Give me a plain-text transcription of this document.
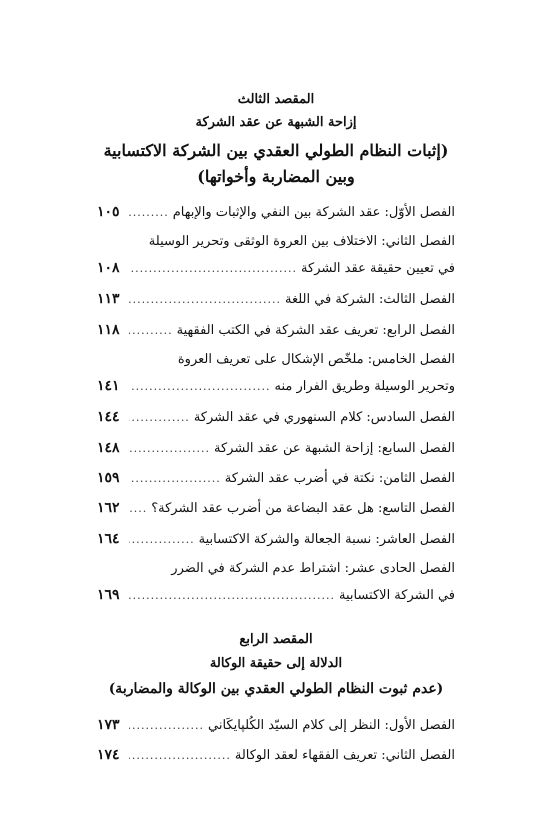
المقصد الثالث
إزاحة الشبهة عن عقد الشركة
(إثبات النظام الطولي العقدي بين الشركة الاكتسابية
وبين المضاربة وأخواتها)
الفصل الأوّل: عقد الشركة بين النفي والإثبات والإبهام
.....
١٠٥
الفصل الثاني: الاختلاف بين العروة الوثقى وتحرير الوسيلة
في تعيين حقيقة عقد الشركة
.....
١٠٨
الفصل الثالث: الشركة في اللغة
.....
١١٣
الفصل الرابع: تعريف عقد الشركة في الكتب الفقهية
.....
١١٨
الفصل الخامس: ملخّص الإشكال على تعريف العروة
وتحرير الوسيلة وطريق الفرار منه
.....
١٤١
الفصل السادس: كلام السنهوري في عقد الشركة
.....
١٤٤
الفصل السابع: إزاحة الشبهة عن عقد الشركة
.....
١٤٨
الفصل الثامن: نكتة في أضرب عقد الشركة
.....
١٥٩
الفصل التاسع: هل عقد البضاعة من أضرب عقد الشركة؟
.....
١٦٢
الفصل العاشر: نسبة الجعالة والشركة الاكتسابية
.....
١٦٤
الفصل الحادى عشر: اشتراط عدم الشركة في الضرر
في الشركة الاكتسابية
.....
١٦٩
المقصد الرابع
الدلالة إلى حقيقة الوكالة
(عدم ثبوت النظام الطولي العقدي بين الوكالة والمضاربة)
الفصل الأول: النظر إلى كلام السيّد الكُلپايكَاني
.....
١٧٣
الفصل الثاني: تعريف الفقهاء لعقد الوكالة
.....
١٧٤
